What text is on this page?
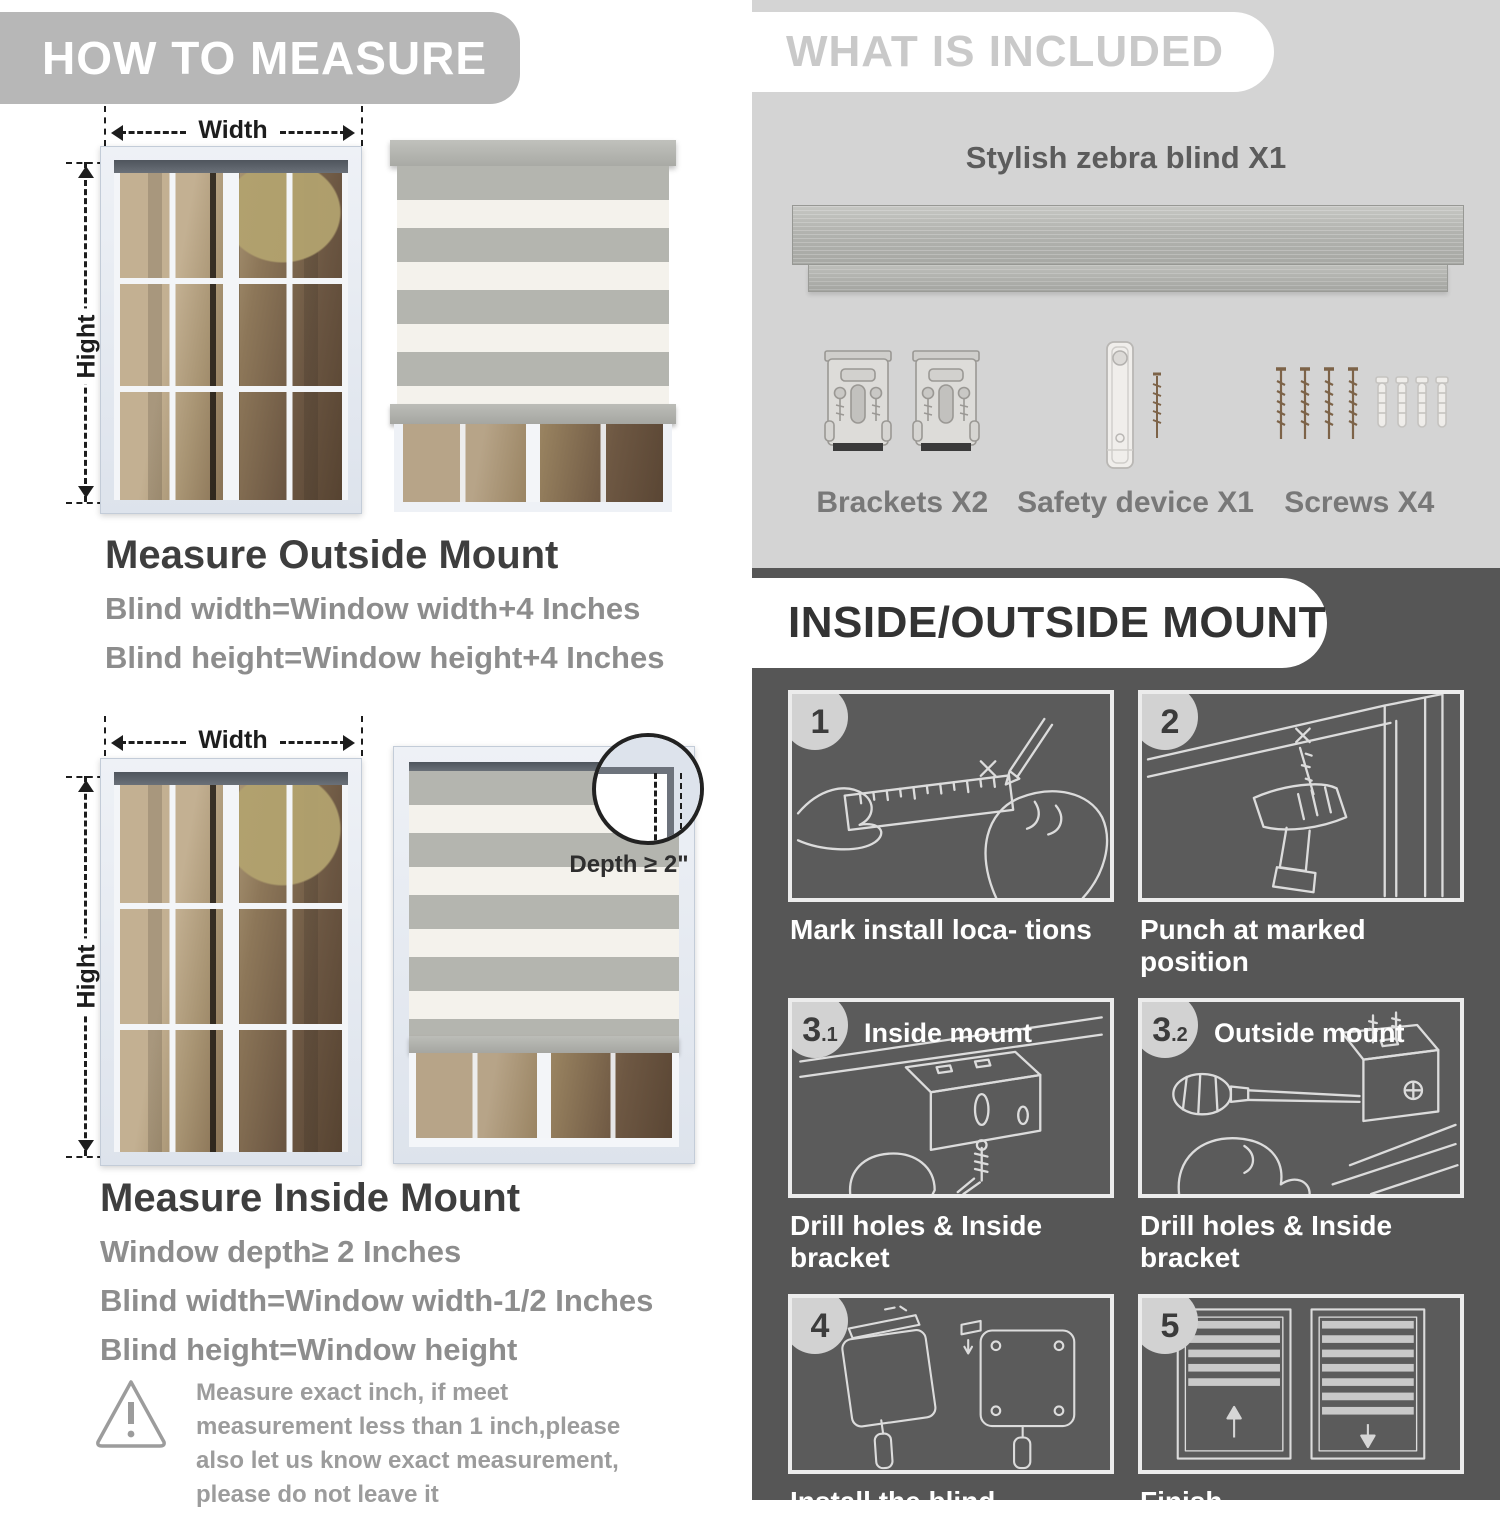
HOW TO MEASURE
Width
Hight
Measure Outside Mount

Blind width=Window width+4 Inches

Blind height=Window height+4 Inches

Width
Hight
Depth ≥ 2"
Measure Inside Mount

Window depth≥ 2 Inches

Blind width=Window width-1/2 Inches

Blind height=Window height

Measure exact inch, if meet measurement less than 1 inch,please also let us know exact measurement, please do not leave it

WHAT IS INCLUDED
Stylish zebra blind X1
Brackets X2 Safety device X1 Screws X4
INSIDE/OUTSIDE MOUNT
1
Mark install loca- tions
2
Punch at marked position
3 .1 Inside mount
Drill holes & Inside bracket
3 .2 Outside mount
Drill holes & Inside bracket
4
Install the blind
5
Finish
